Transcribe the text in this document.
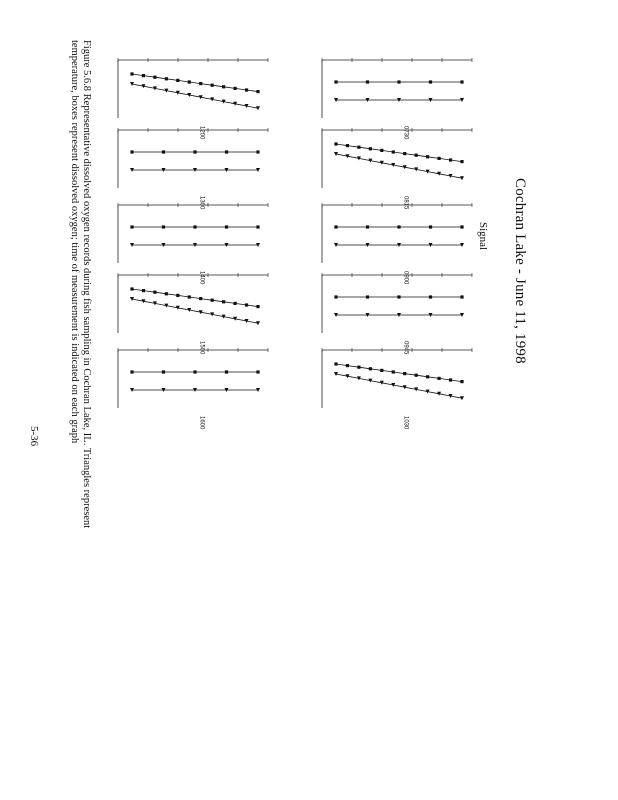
Cochran Lake - June 11, 1998
Signal
Figure 5.6.8 Representative dissolved oxygen records during fish sampling in Cochran Lake, IL. Triangles represent
temperature, boxes represent dissolved oxygen; time of measurement is indicated on each graph
5-36
0730
0815
0900
0945
1030
1200
1300
1400
1500
1600
